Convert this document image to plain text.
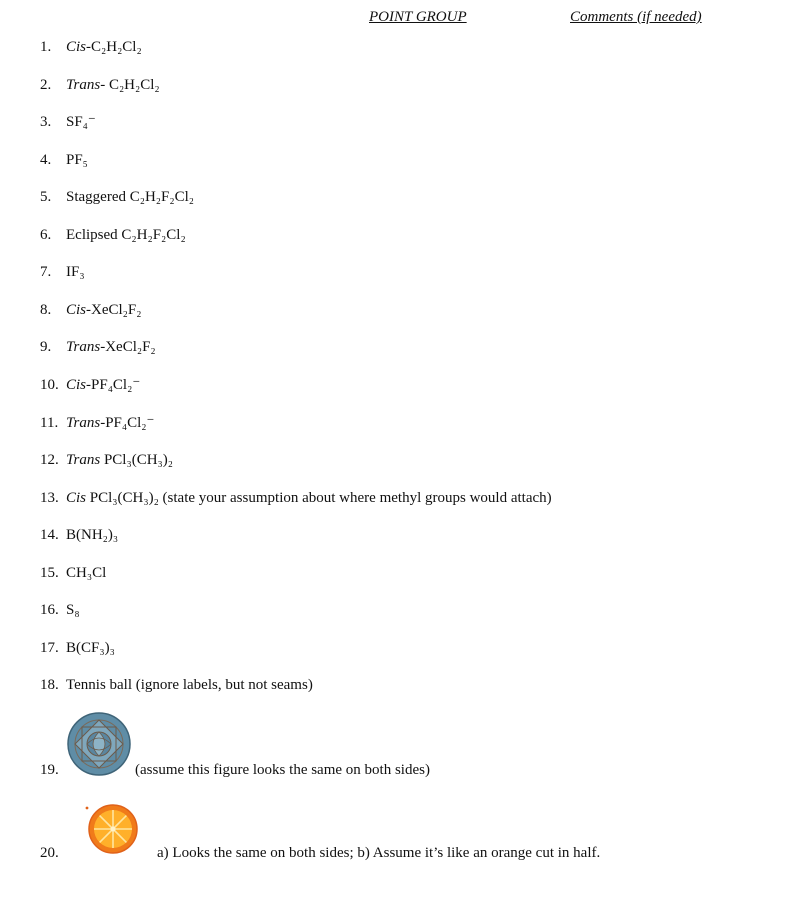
POINT GROUP	Comments (if needed)
1. Cis-C₂H₂Cl₂
2. Trans- C₂H₂Cl₂
3. SF₄⁻
4. PF₅
5. Staggered C₂H₂F₂Cl₂
6. Eclipsed C₂H₂F₂Cl₂
7. IF₃
8. Cis-XeCl₂F₂
9. Trans-XeCl₂F₂
10. Cis-PF₄Cl₂⁻
11. Trans-PF₄Cl₂⁻
12. Trans PCl₃(CH₃)₂
13. Cis PCl₃(CH₃)₂ (state your assumption about where methyl groups would attach)
14. B(NH₂)₃
15. CH₃Cl
16. S₈
17. B(CF₃)₃
18. Tennis ball (ignore labels, but not seams)
19.	(assume this figure looks the same on both sides)
20.	a) Looks the same on both sides; b) Assume it’s like an orange cut in half.
